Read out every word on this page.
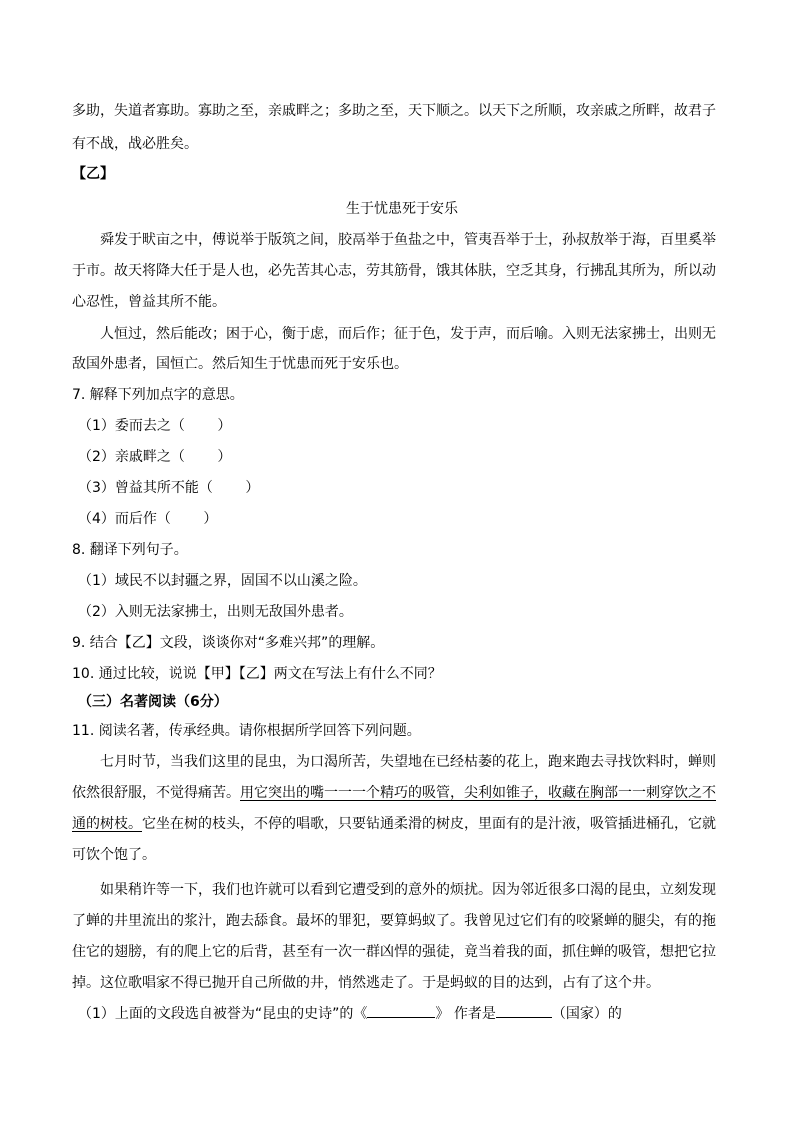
多助，失道者寡助。寡助之至，亲戚畔之；多助之至，天下顺之。以天下之所顺，攻亲戚之所畔，故君子
有不战，战必胜矣。
【乙】
生于忧患死于安乐
舜发于畎亩之中，傅说举于版筑之间，胶鬲举于鱼盐之中，管夷吾举于士，孙叔敖举于海，百里奚举
于市。故天将降大任于是人也，必先苦其心志，劳其筋骨，饿其体肤，空乏其身，行拂乱其所为，所以动
心忍性，曾益其所不能。
人恒过，然后能改；困于心，衡于虑，而后作；征于色，发于声，而后喻。入则无法家拂士，出则无
敌国外患者，国恒亡。然后知生于忧患而死于安乐也。
7. 解释下列加点字的意思。
（1）委而去之（　　 ）
（2）亲戚畔之（　　 ）
（3）曾益其所不能（　　 ）
（4）而后作（　　 ）
8. 翻译下列句子。
（1）域民不以封疆之界，固国不以山溪之险。
（2）入则无法家拂士，出则无敌国外患者。
9. 结合【乙】文段，谈谈你对“多难兴邦”的理解。
10. 通过比较，说说【甲】【乙】两文在写法上有什么不同？
（三）名著阅读（6分）
11. 阅读名著，传承经典。请你根据所学回答下列问题。
七月时节，当我们这里的昆虫，为口渴所苦，失望地在已经枯萎的花上，跑来跑去寻找饮料时，蝉则
依然很舒服，不觉得痛苦。用它突出的嘴一一一个精巧的吸管，尖利如锥子，收藏在胸部一一刺穿饮之不
通的树枝。它坐在树的枝头，不停的唱歌，只要钻通柔滑的树皮，里面有的是汁液，吸管插进桶孔，它就
可饮个饱了。
如果稍许等一下，我们也许就可以看到它遭受到的意外的烦扰。因为邻近很多口渴的昆虫，立刻发现
了蝉的井里流出的浆汁，跑去舔食。最坏的罪犯，要算蚂蚁了。我曾见过它们有的咬紧蝉的腿尖，有的拖
住它的翅膀，有的爬上它的后背，甚至有一次一群凶悍的强徒，竟当着我的面，抓住蝉的吸管，想把它拉
掉。这位歌唱家不得已抛开自己所做的井，悄然逃走了。于是蚂蚁的目的达到，占有了这个井。
（1）上面的文段选自被誉为“昆虫的史诗”的《	》 作者是	（国家）的
